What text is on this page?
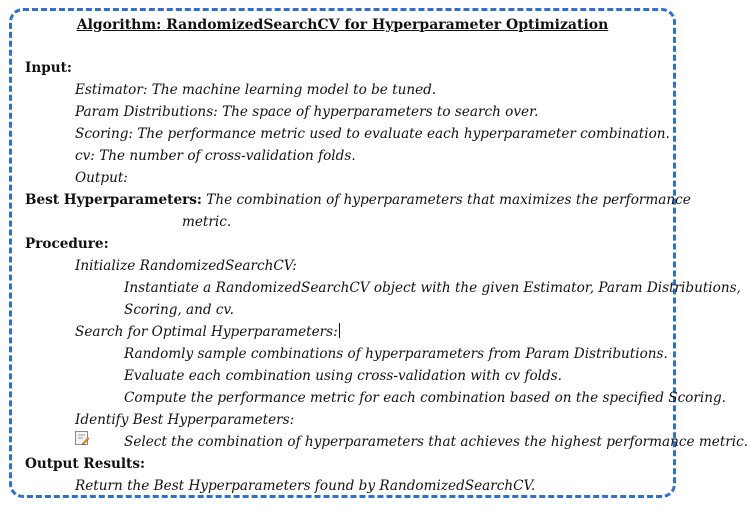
Algorithm: RandomizedSearchCV for Hyperparameter Optimization
Input:
Estimator: The machine learning model to be tuned.
Param Distributions: The space of hyperparameters to search over.
Scoring: The performance metric used to evaluate each hyperparameter combination.
cv: The number of cross-validation folds.
Output:
Best Hyperparameters: The combination of hyperparameters that maximizes the performance
metric.
Procedure:
Initialize RandomizedSearchCV:
Instantiate a RandomizedSearchCV object with the given Estimator, Param Distributions,
Scoring, and cv.
Search for Optimal Hyperparameters:
Randomly sample combinations of hyperparameters from Param Distributions.
Evaluate each combination using cross-validation with cv folds.
Compute the performance metric for each combination based on the specified Scoring.
Identify Best Hyperparameters:
Select the combination of hyperparameters that achieves the highest performance metric.
Output Results:
Return the Best Hyperparameters found by RandomizedSearchCV.
